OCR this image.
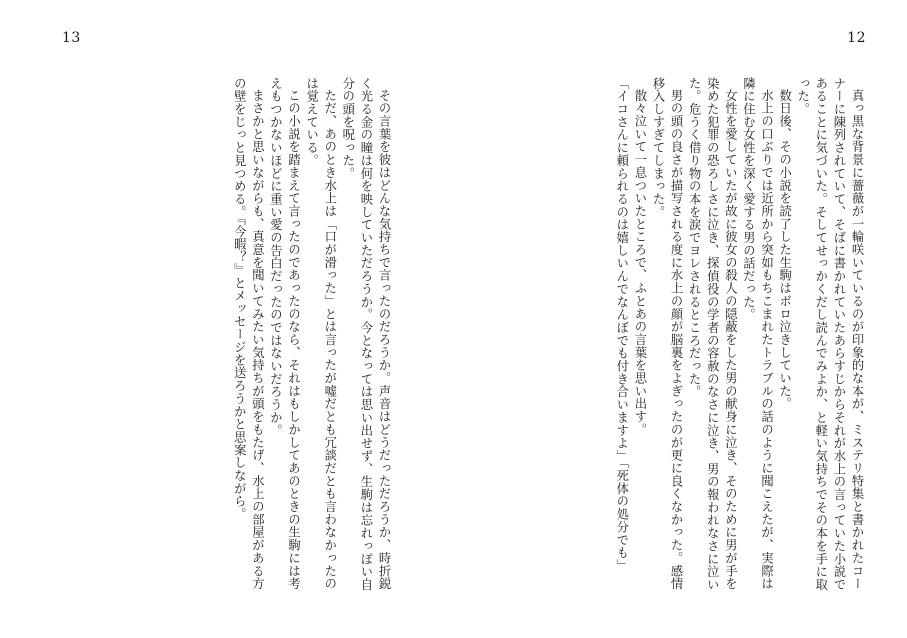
13

その言葉を彼はどんな気持ちで言ったのだろうか。声音はどうだっただろうか、時折鋭く光る金の瞳は何を映していただろうか。今となっては思い出せず、生駒は忘れっぽい自分の頭を呪った。

ただ、あのとき水上は「口が滑った」とは言ったが嘘だとも冗談だとも言わなかったのは覚えている。

この小説を踏まえて言ったのであったのなら、それはもしかしてあのときの生駒には考えもつかないほどに重い愛の告白だったのではないだろうか。

まさかと思いながらも、真意を聞いてみたい気持ちが頭をもたげ、水上の部屋がある方の壁をじっと見つめる。『今暇？』とメッセージを送ろうかと思案しながら。

12

真っ黒な背景に薔薇が一輪咲いているのが印象的な本が、ミステリ特集と書かれたコーナーに陳列されていて、そばに書かれていたあらすじからそれが水上の言っていた小説であることに気づいた。そしてせっかくだし読んでみよか、と軽い気持ちでその本を手に取った。

数日後、その小説を読了した生駒はボロ泣きしていた。

水上の口ぶりでは近所から突如もちこまれたトラブルの話のように聞こえたが、実際は隣に住む女性を深く愛する男の話だった。

女性を愛していたが故に彼女の殺人の隠蔽をした男の献身に泣き、そのために男が手を染めた犯罪の恐ろしさに泣き、探偵役の学者の容赦のなさに泣き、男の報われなさに泣いた。危うく借り物の本を涙でヨレされるところだった。

男の頭の良さが描写される度に水上の顔が脳裏をよぎったのが更に良くなかった。感情移入しすぎてしまった。

散々泣いて一息ついたところで、ふとあの言葉を思い出す。

「イコさんに頼られるのは嬉しいんでなんぼでも付き合いますよ」「死体の処分でも」
